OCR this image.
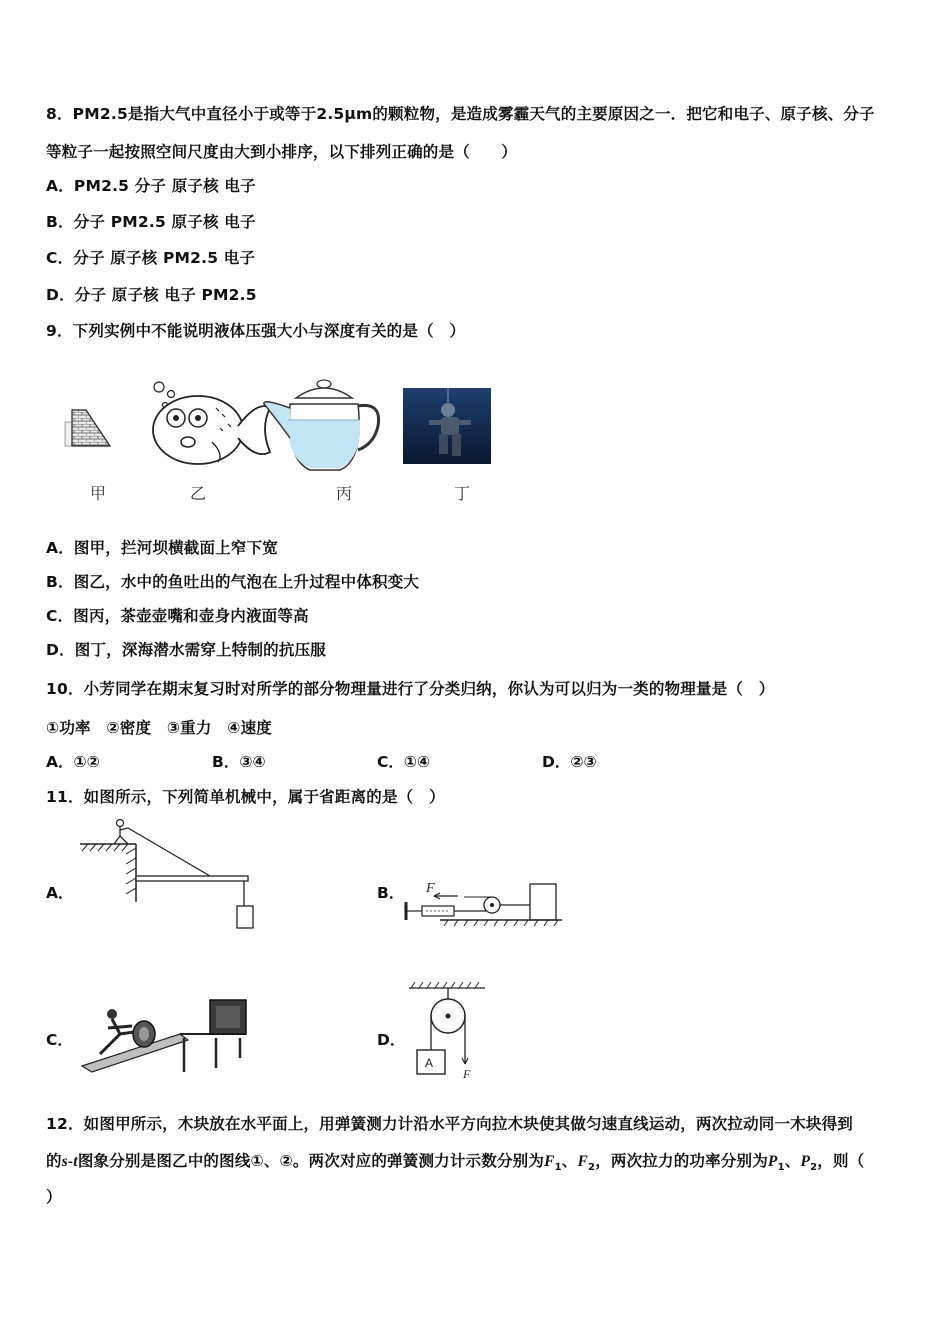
8．PM2.5是指大气中直径小于或等于2.5μm的颗粒物，是造成雾霾天气的主要原因之一．把它和电子、原子核、分子
等粒子一起按照空间尺度由大到小排序，以下排列正确的是（　　）
A．PM2.5 分子 原子核 电子
B．分子 PM2.5 原子核 电子
C．分子 原子核 PM2.5 电子
D．分子 原子核 电子 PM2.5
9．下列实例中不能说明液体压强大小与深度有关的是（　）
甲	乙	丙	丁
A．图甲，拦河坝横截面上窄下宽
B．图乙，水中的鱼吐出的气泡在上升过程中体积变大
C．图丙，茶壶壶嘴和壶身内液面等高
D．图丁，深海潜水需穿上特制的抗压服
10．小芳同学在期末复习时对所学的部分物理量进行了分类归纳，你认为可以归为一类的物理量是（　）
①功率　②密度　③重力　④速度
A．①②	B．③④	C．①④	D．②③
11．如图所示，下列简单机械中，属于省距离的是（　）
A．	B． F
C．	D．
A
F
12．如图甲所示，木块放在水平面上，用弹簧测力计沿水平方向拉木块使其做匀速直线运动，两次拉动同一木块得到
的s-t图象分别是图乙中的图线①、②。两次对应的弹簧测力计示数分别为$F_1$、$F_2$，两次拉力的功率分别为$P_1$、$P_2$，则（
）
